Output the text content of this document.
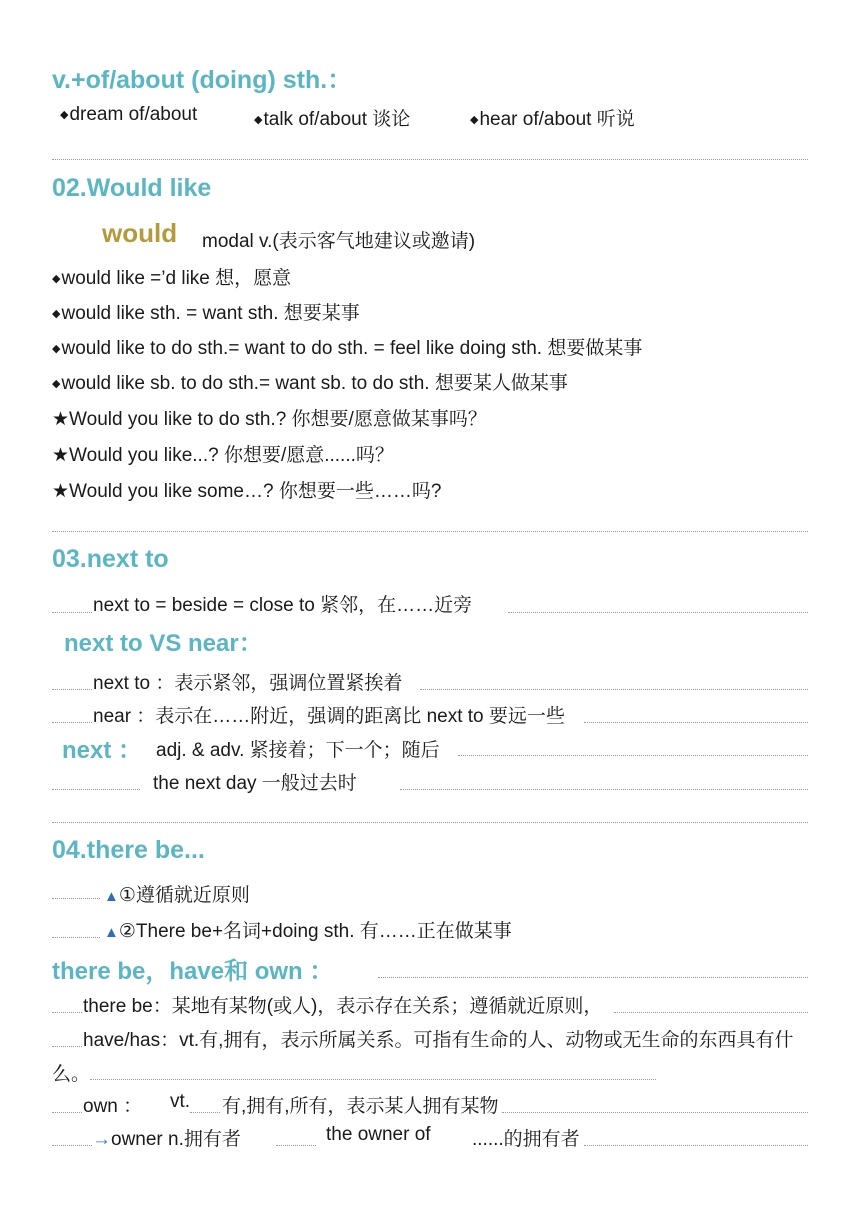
v.+of/about (doing) sth.：
◆dream of/about	◆talk of/about 谈论	◆hear of/about 听说
02.Would like
would modal v.(表示客气地建议或邀请)
◆would like =’d like 想，愿意
◆would like sth. = want sth. 想要某事
◆would like to do sth.= want to do sth. = feel like doing sth. 想要做某事
◆would like sb. to do sth.= want sb. to do sth. 想要某人做某事
★Would you like to do sth.? 你想要/愿意做某事吗？
★Would you like...? 你想要/愿意......吗？
★Would you like some…? 你想要一些……吗?
03.next to
next to = beside = close to 紧邻，在……近旁
next to VS near：
next to ：表示紧邻，强调位置紧挨着
near ：表示在……附近，强调的距离比 next to 要远一些
next ： adj. & adv. 紧接着；下一个；随后
the next day 一般过去时
04.there be...
▲①遵循就近原则
▲②There be+名词+doing sth. 有……正在做某事
there be，have和 own ：
there be：某地有某物(或人)，表示存在关系；遵循就近原则，
have/has：vt.有,拥有，表示所属关系。可指有生命的人、动物或无生命的东西具有什
么。
own ： vt. 有,拥有,所有，表示某人拥有某物
→owner n.拥有者	the owner of ......的拥有者
